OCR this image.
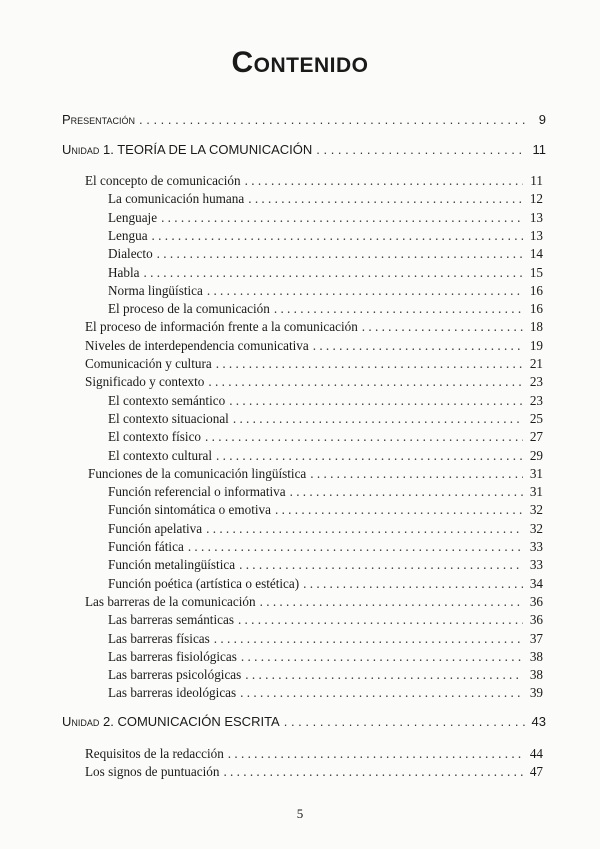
Contenido
Presentación . . .	9
Unidad 1. TEORÍA DE LA COMUNICACIÓN . . .	11
El concepto de comunicación . . .	11
La comunicación humana . . .	12
Lenguaje . . .	13
Lengua . . .	13
Dialecto . . .	14
Habla . . .	15
Norma lingüística . . .	16
El proceso de la comunicación . . .	16
El proceso de información frente a la comunicación . . .	18
Niveles de interdependencia comunicativa . . .	19
Comunicación y cultura . . .	21
Significado y contexto . . .	23
El contexto semántico . . .	23
El contexto situacional . . .	25
El contexto físico . . .	27
El contexto cultural . . .	29
Funciones de la comunicación lingüística . . .	31
Función referencial o informativa . . .	31
Función sintomática o emotiva . . .	32
Función apelativa . . .	32
Función fática . . .	33
Función metalingüística . . .	33
Función poética (artística o estética) . . .	34
Las barreras de la comunicación . . .	36
Las barreras semánticas . . .	36
Las barreras físicas . . .	37
Las barreras fisiológicas . . .	38
Las barreras psicológicas . . .	38
Las barreras ideológicas . . .	39
Unidad 2. COMUNICACIÓN ESCRITA . . .	43
Requisitos de la redacción . . .	44
Los signos de puntuación . . .	47
5
